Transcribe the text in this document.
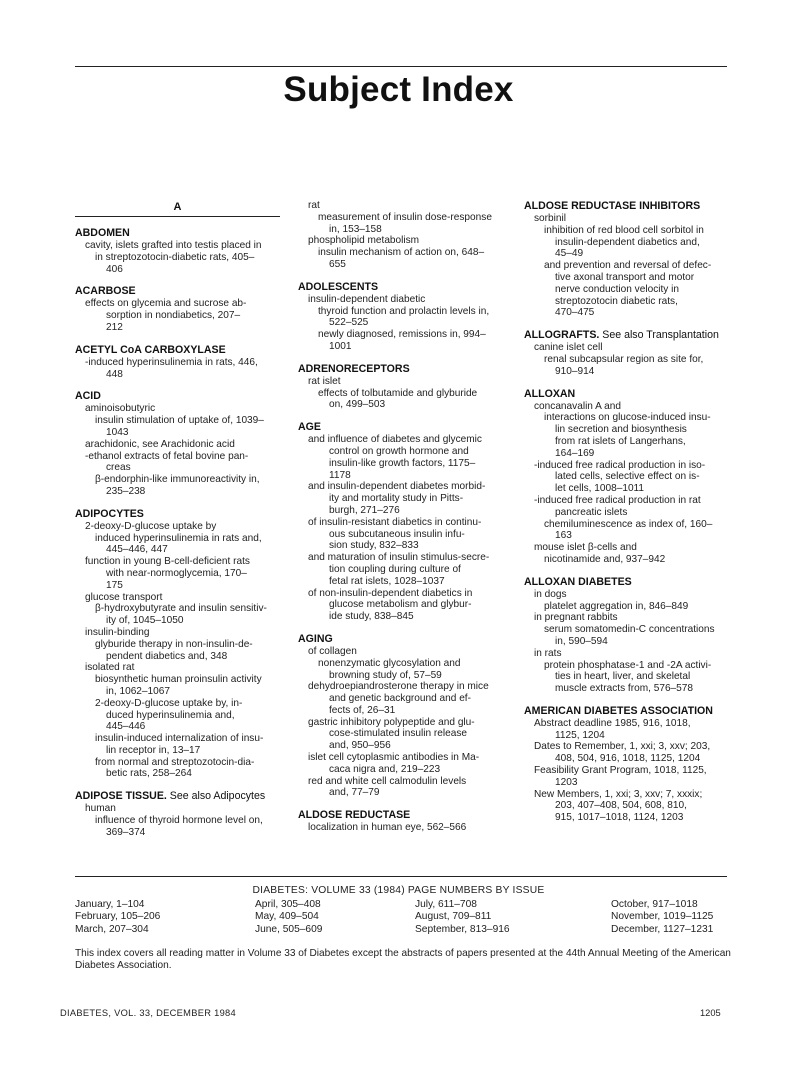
Subject Index
A
ABDOMEN
cavity, islets grafted into testis placed in
in streptozotocin-diabetic rats, 405–
406
ACARBOSE
effects on glycemia and sucrose ab-
sorption in nondiabetics, 207–
212
ACETYL CoA CARBOXYLASE
-induced hyperinsulinemia in rats, 446,
448
ACID
aminoisobutyric
insulin stimulation of uptake of, 1039–
1043
arachidonic, see Arachidonic acid
-ethanol extracts of fetal bovine pan-
creas
β-endorphin-like immunoreactivity in,
235–238
ADIPOCYTES
2-deoxy-D-glucose uptake by
induced hyperinsulinemia in rats and,
445–446, 447
function in young B-cell-deficient rats
with near-normoglycemia, 170–
175
glucose transport
β-hydroxybutyrate and insulin sensitiv-
ity of, 1045–1050
insulin-binding
glyburide therapy in non-insulin-de-
pendent diabetics and, 348
isolated rat
biosynthetic human proinsulin activity
in, 1062–1067
2-deoxy-D-glucose uptake by, in-
duced hyperinsulinemia and,
445–446
insulin-induced internalization of insu-
lin receptor in, 13–17
from normal and streptozotocin-dia-
betic rats, 258–264
ADIPOSE TISSUE. See also Adipocytes
human
influence of thyroid hormone level on,
369–374
rat
measurement of insulin dose-response
in, 153–158
phospholipid metabolism
insulin mechanism of action on, 648–
655
ADOLESCENTS
insulin-dependent diabetic
thyroid function and prolactin levels in,
522–525
newly diagnosed, remissions in, 994–
1001
ADRENORECEPTORS
rat islet
effects of tolbutamide and glyburide
on, 499–503
AGE
and influence of diabetes and glycemic
control on growth hormone and
insulin-like growth factors, 1175–
1178
and insulin-dependent diabetes morbid-
ity and mortality study in Pitts-
burgh, 271–276
of insulin-resistant diabetics in continu-
ous subcutaneous insulin infu-
sion study, 832–833
and maturation of insulin stimulus-secre-
tion coupling during culture of
fetal rat islets, 1028–1037
of non-insulin-dependent diabetics in
glucose metabolism and glybur-
ide study, 838–845
AGING
of collagen
nonenzymatic glycosylation and
browning study of, 57–59
dehydroepiandrosterone therapy in mice
and genetic background and ef-
fects of, 26–31
gastric inhibitory polypeptide and glu-
cose-stimulated insulin release
and, 950–956
islet cell cytoplasmic antibodies in Ma-
caca nigra and, 219–223
red and white cell calmodulin levels
and, 77–79
ALDOSE REDUCTASE
localization in human eye, 562–566
ALDOSE REDUCTASE INHIBITORS
sorbinil
inhibition of red blood cell sorbitol in
insulin-dependent diabetics and,
45–49
and prevention and reversal of defec-
tive axonal transport and motor
nerve conduction velocity in
streptozotocin diabetic rats,
470–475
ALLOGRAFTS. See also Transplantation
canine islet cell
renal subcapsular region as site for,
910–914
ALLOXAN
concanavalin A and
interactions on glucose-induced insu-
lin secretion and biosynthesis
from rat islets of Langerhans,
164–169
-induced free radical production in iso-
lated cells, selective effect on is-
let cells, 1008–1011
-induced free radical production in rat
pancreatic islets
chemiluminescence as index of, 160–
163
mouse islet β-cells and
nicotinamide and, 937–942
ALLOXAN DIABETES
in dogs
platelet aggregation in, 846–849
in pregnant rabbits
serum somatomedin-C concentrations
in, 590–594
in rats
protein phosphatase-1 and -2A activi-
ties in heart, liver, and skeletal
muscle extracts from, 576–578
AMERICAN DIABETES ASSOCIATION
Abstract deadline 1985, 916, 1018,
1125, 1204
Dates to Remember, 1, xxi; 3, xxv; 203,
408, 504, 916, 1018, 1125, 1204
Feasibility Grant Program, 1018, 1125,
1203
New Members, 1, xxi; 3, xxv; 7, xxxix;
203, 407–408, 504, 608, 810,
915, 1017–1018, 1124, 1203
DIABETES: VOLUME 33 (1984) PAGE NUMBERS BY ISSUE
January, 1–104
February, 105–206
March, 207–304
April, 305–408
May, 409–504
June, 505–609
July, 611–708
August, 709–811
September, 813–916
October, 917–1018
November, 1019–1125
December, 1127–1231
This index covers all reading matter in Volume 33 of Diabetes except the abstracts of papers presented at the 44th Annual Meeting of the American Diabetes Association.
DIABETES, VOL. 33, DECEMBER 1984	1205
